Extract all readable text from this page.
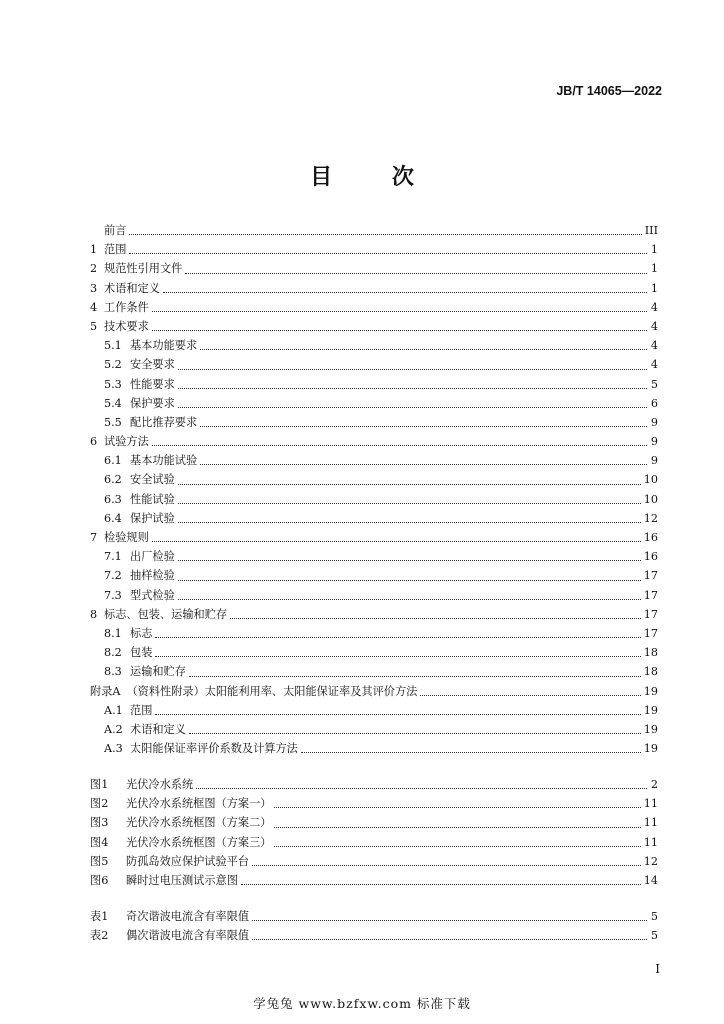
JB/T 14065—2022
目 次
前言	III
1 范围	1
2 规范性引用文件	1
3 术语和定义	1
4 工作条件	4
5 技术要求	4
5.1 基本功能要求	4
5.2 安全要求	4
5.3 性能要求	5
5.4 保护要求	6
5.5 配比推荐要求	9
6 试验方法	9
6.1 基本功能试验	9
6.2 安全试验	10
6.3 性能试验	10
6.4 保护试验	12
7 检验规则	16
7.1 出厂检验	16
7.2 抽样检验	17
7.3 型式检验	17
8 标志、包装、运输和贮存	17
8.1 标志	17
8.2 包装	18
8.3 运输和贮存	18
附录A （资料性附录）太阳能利用率、太阳能保证率及其评价方法	19
A.1 范围	19
A.2 术语和定义	19
A.3 太阳能保证率评价系数及计算方法	19
图1	光伏冷水系统	2
图2	光伏冷水系统框图（方案一）	11
图3	光伏冷水系统框图（方案二）	11
图4	光伏冷水系统框图（方案三）	11
图5	防孤岛效应保护试验平台	12
图6	瞬时过电压测试示意图	14
表1	奇次谐波电流含有率限值	5
表2	偶次谐波电流含有率限值	5
I
学兔兔 www.bzfxw.com 标准下载
